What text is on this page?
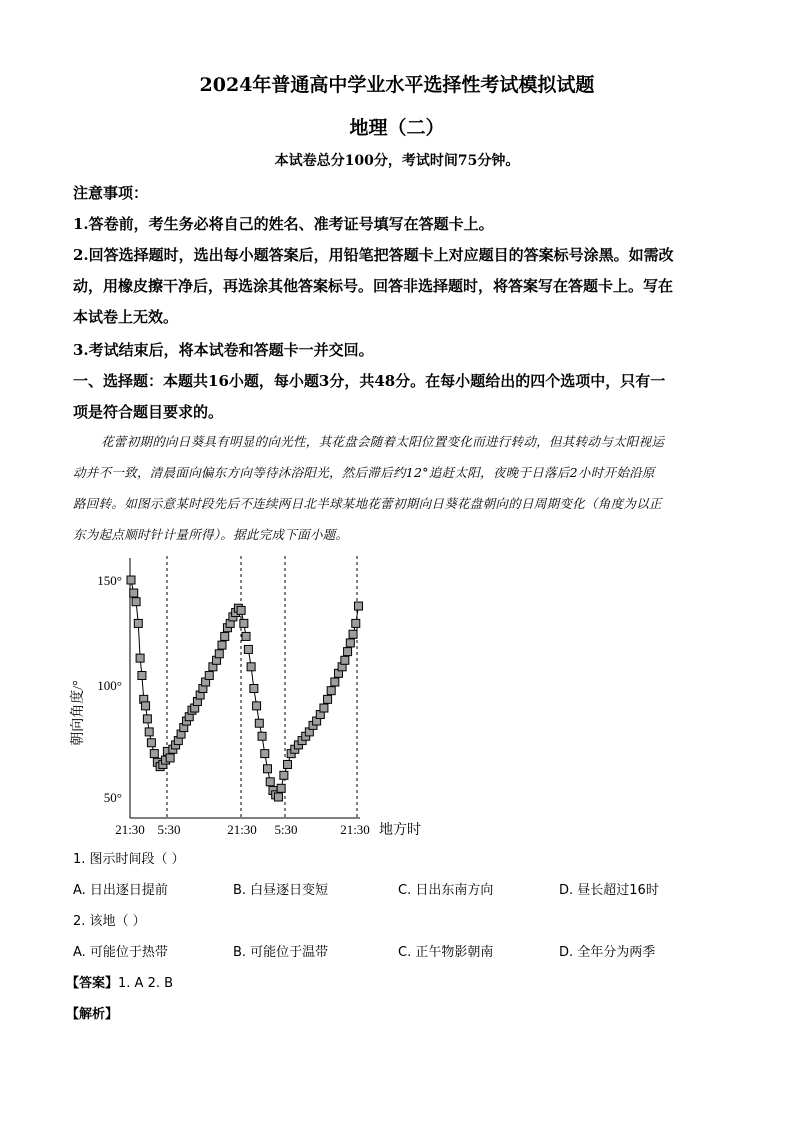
2024年普通高中学业水平选择性考试模拟试题
地理（二）
本试卷总分100分，考试时间75分钟。
注意事项：
1.答卷前，考生务必将自己的姓名、准考证号填写在答题卡上。
2.回答选择题时，选出每小题答案后，用铅笔把答题卡上对应题目的答案标号涂黑。如需改
动，用橡皮擦干净后，再选涂其他答案标号。回答非选择题时，将答案写在答题卡上。写在
本试卷上无效。
3.考试结束后，将本试卷和答题卡一并交回。
一、选择题：本题共16小题，每小题3分，共48分。在每小题给出的四个选项中，只有一
项是符合题目要求的。
花蕾初期的向日葵具有明显的向光性，其花盘会随着太阳位置变化而进行转动，但其转动与太阳视运
动并不一致，清晨面向偏东方向等待沐浴阳光，然后滞后约12°追赶太阳，夜晚于日落后2小时开始沿原
路回转。如图示意某时段先后不连续两日北半球某地花蕾初期向日葵花盘朝向的日周期变化（角度为以正
东为起点顺时针计量所得）。据此完成下面小题。
朝向角度/°
150°
100°
50°
21:30 5:30	21:30 5:30	21:30 地方时
1. 图示时间段（ ）
A. 日出逐日提前	B. 白昼逐日变短	C. 日出东南方向	D. 昼长超过16时
2. 该地（ ）
A. 可能位于热带	B. 可能位于温带	C. 正午物影朝南	D. 全年分为两季
【答案】1. A 2. B
【解析】
